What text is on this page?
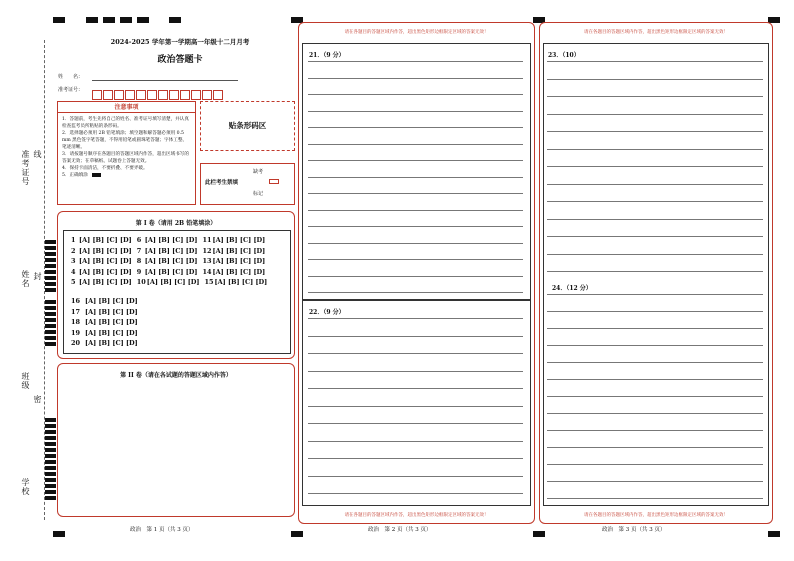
准考证号 线
姓名 封
班级
密
学校
2024-2025 学年第一学期高一年级十二月月考
政治答题卡
姓　　名：
准考证号：
注意事项
1．答题前，考生先将自己的姓名、准考证号填写清楚，并认真检查监考员所粘贴的条形码。
2．选择题必须用 2B 铅笔填涂；填空题和解答题必须用 0.5 mm 黑色签字笔答题，不得用铅笔或圆珠笔答题；字体工整、笔迹清晰。
3．请按题号顺序在各题目的答题区域内作答，超出区域书写的答案无效；在草稿纸、试题卷上答题无效。
4．保持卡面清洁，不要折叠、不要弄破。
5．正确填涂
贴条形码区
此栏考生禁填
缺考
标记
第 I 卷（请用 2B 铅笔填涂）
1 [A] [B] [C] [D] 6 [A] [B] [C] [D] 11[A] [B] [C] [D]
2 [A] [B] [C] [D] 7 [A] [B] [C] [D] 12[A] [B] [C] [D]
3 [A] [B] [C] [D] 8 [A] [B] [C] [D] 13[A] [B] [C] [D]
4 [A] [B] [C] [D] 9 [A] [B] [C] [D] 14[A] [B] [C] [D]
5 [A] [B] [C] [D] 10[A] [B] [C] [D] 15[A] [B] [C] [D]
16 [A] [B] [C] [D]
17 [A] [B] [C] [D]
18 [A] [B] [C] [D]
19 [A] [B] [C] [D]
20 [A] [B] [C] [D]
第 II 卷（请在各试题的答题区域内作答）
政治　第 1 页（共 3 页）
请在各题目的答题区域内作答，超出黑色矩形边框限定区域的答案无效！
21．（9 分）
22．（9 分）
请在各题目的答题区域内作答，超出黑色矩形边框限定区域的答案无效！
政治　第 2 页（共 3 页）
请在各题目的答题区域内作答，超出黑色矩形边框限定区域的答案无效！
23．（10）
24．（12 分）
请在各题目的答题区域内作答，超出黑色矩形边框限定区域的答案无效！
政治　第 3 页（共 3 页）
